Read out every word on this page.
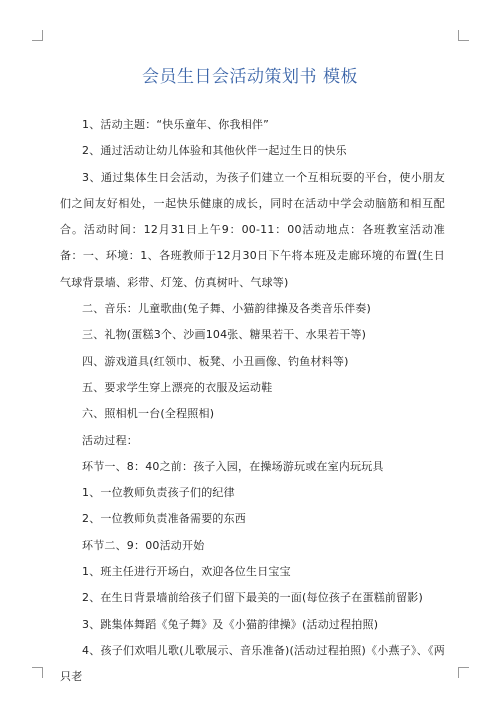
会员生日会活动策划书 模板

1、活动主题：“快乐童年、你我相伴”

2、通过活动让幼儿体验和其他伙伴一起过生日的快乐

3、通过集体生日会活动，为孩子们建立一个互相玩耍的平台，使小朋友们之间友好相处，一起快乐健康的成长，同时在活动中学会动脑筋和相互配合。活动时间：12月31日上午9：00-11：00活动地点：各班教室活动准备：一、环境：1、各班教师于12月30日下午将本班及走廊环境的布置(生日气球背景墙、彩带、灯笼、仿真树叶、气球等)

二、音乐：儿童歌曲(兔子舞、小猫韵律操及各类音乐伴奏)

三、礼物(蛋糕3个、沙画104张、糖果若干、水果若干等)

四、游戏道具(红领巾、板凳、小丑画像、钓鱼材料等)

五、要求学生穿上漂亮的衣服及运动鞋

六、照相机一台(全程照相)

活动过程：

环节一、8：40之前：孩子入园，在操场游玩或在室内玩玩具

1、一位教师负责孩子们的纪律

2、一位教师负责准备需要的东西

环节二、9：00活动开始

1、班主任进行开场白，欢迎各位生日宝宝

2、在生日背景墙前给孩子们留下最美的一面(每位孩子在蛋糕前留影)

3、跳集体舞蹈《兔子舞》及《小猫韵律操》(活动过程拍照)

4、孩子们欢唱儿歌(儿歌展示、音乐准备)(活动过程拍照)《小燕子》、《两只老
